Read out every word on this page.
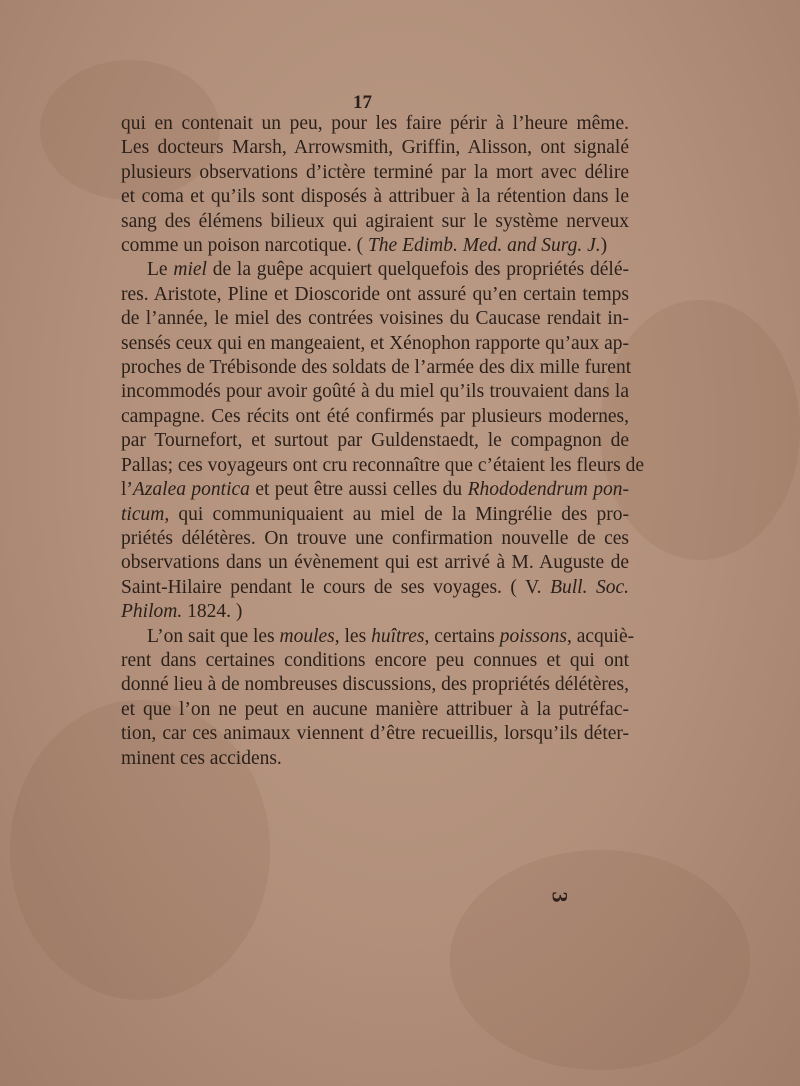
17
qui en contenait un peu, pour les faire périr à l’heure même.
Les docteurs Marsh, Arrowsmith, Griffin, Alisson, ont signalé
plusieurs observations d’ictère terminé par la mort avec délire
et coma et qu’ils sont disposés à attribuer à la rétention dans le
sang des élémens bilieux qui agiraient sur le système nerveux
comme un poison narcotique. ( The Edimb. Med. and Surg. J.)
Le miel de la guêpe acquiert quelquefois des propriétés délé-
res. Aristote, Pline et Dioscoride ont assuré qu’en certain temps
de l’année, le miel des contrées voisines du Caucase rendait in-
sensés ceux qui en mangeaient, et Xénophon rapporte qu’aux ap-
proches de Trébisonde des soldats de l’armée des dix mille furent
incommodés pour avoir goûté à du miel qu’ils trouvaient dans la
campagne. Ces récits ont été confirmés par plusieurs modernes,
par Tournefort, et surtout par Guldenstaedt, le compagnon de
Pallas; ces voyageurs ont cru reconnaître que c’étaient les fleurs de
l’Azalea pontica et peut être aussi celles du Rhododendrum pon-
ticum, qui communiquaient au miel de la Mingrélie des pro-
priétés délétères. On trouve une confirmation nouvelle de ces
observations dans un évènement qui est arrivé à M. Auguste de
Saint-Hilaire pendant le cours de ses voyages. ( V. Bull. Soc.
Philom. 1824. )
L’on sait que les moules, les huîtres, certains poissons, acquiè-
rent dans certaines conditions encore peu connues et qui ont
donné lieu à de nombreuses discussions, des propriétés délétères,
et que l’on ne peut en aucune manière attribuer à la putréfac-
tion, car ces animaux viennent d’être recueillis, lorsqu’ils déter-
minent ces accidens.
3
